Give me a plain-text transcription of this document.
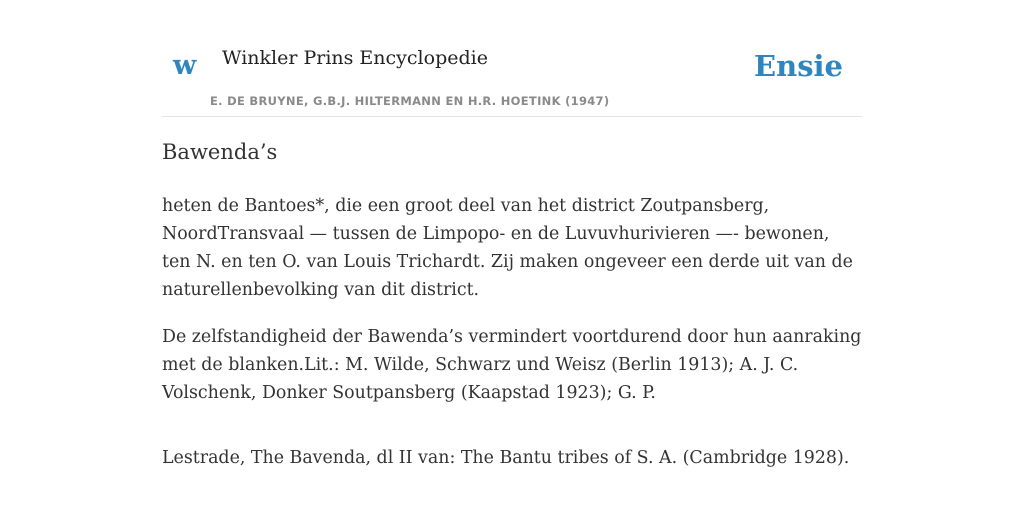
w Winkler Prins Encyclopedie
E. DE BRUYNE, G.B.J. HILTERMANN EN H.R. HOETINK (1947)
Ensie
Bawenda’s

heten de Bantoes*, die een groot deel van het district Zoutpansberg, NoordTransvaal — tussen de Limpopo- en de Luvuvhurivieren —- bewonen, ten N. en ten O. van Louis Trichardt. Zij maken ongeveer een derde uit van de naturellenbevolking van dit district.

De zelfstandigheid der Bawenda’s vermindert voortdurend door hun aanraking met de blanken.Lit.: M. Wilde, Schwarz und Weisz (Berlin 1913); A. J. C. Volschenk, Donker Soutpansberg (Kaapstad 1923); G. P.

Lestrade, The Bavenda, dl II van: The Bantu tribes of S. A. (Cambridge 1928).
